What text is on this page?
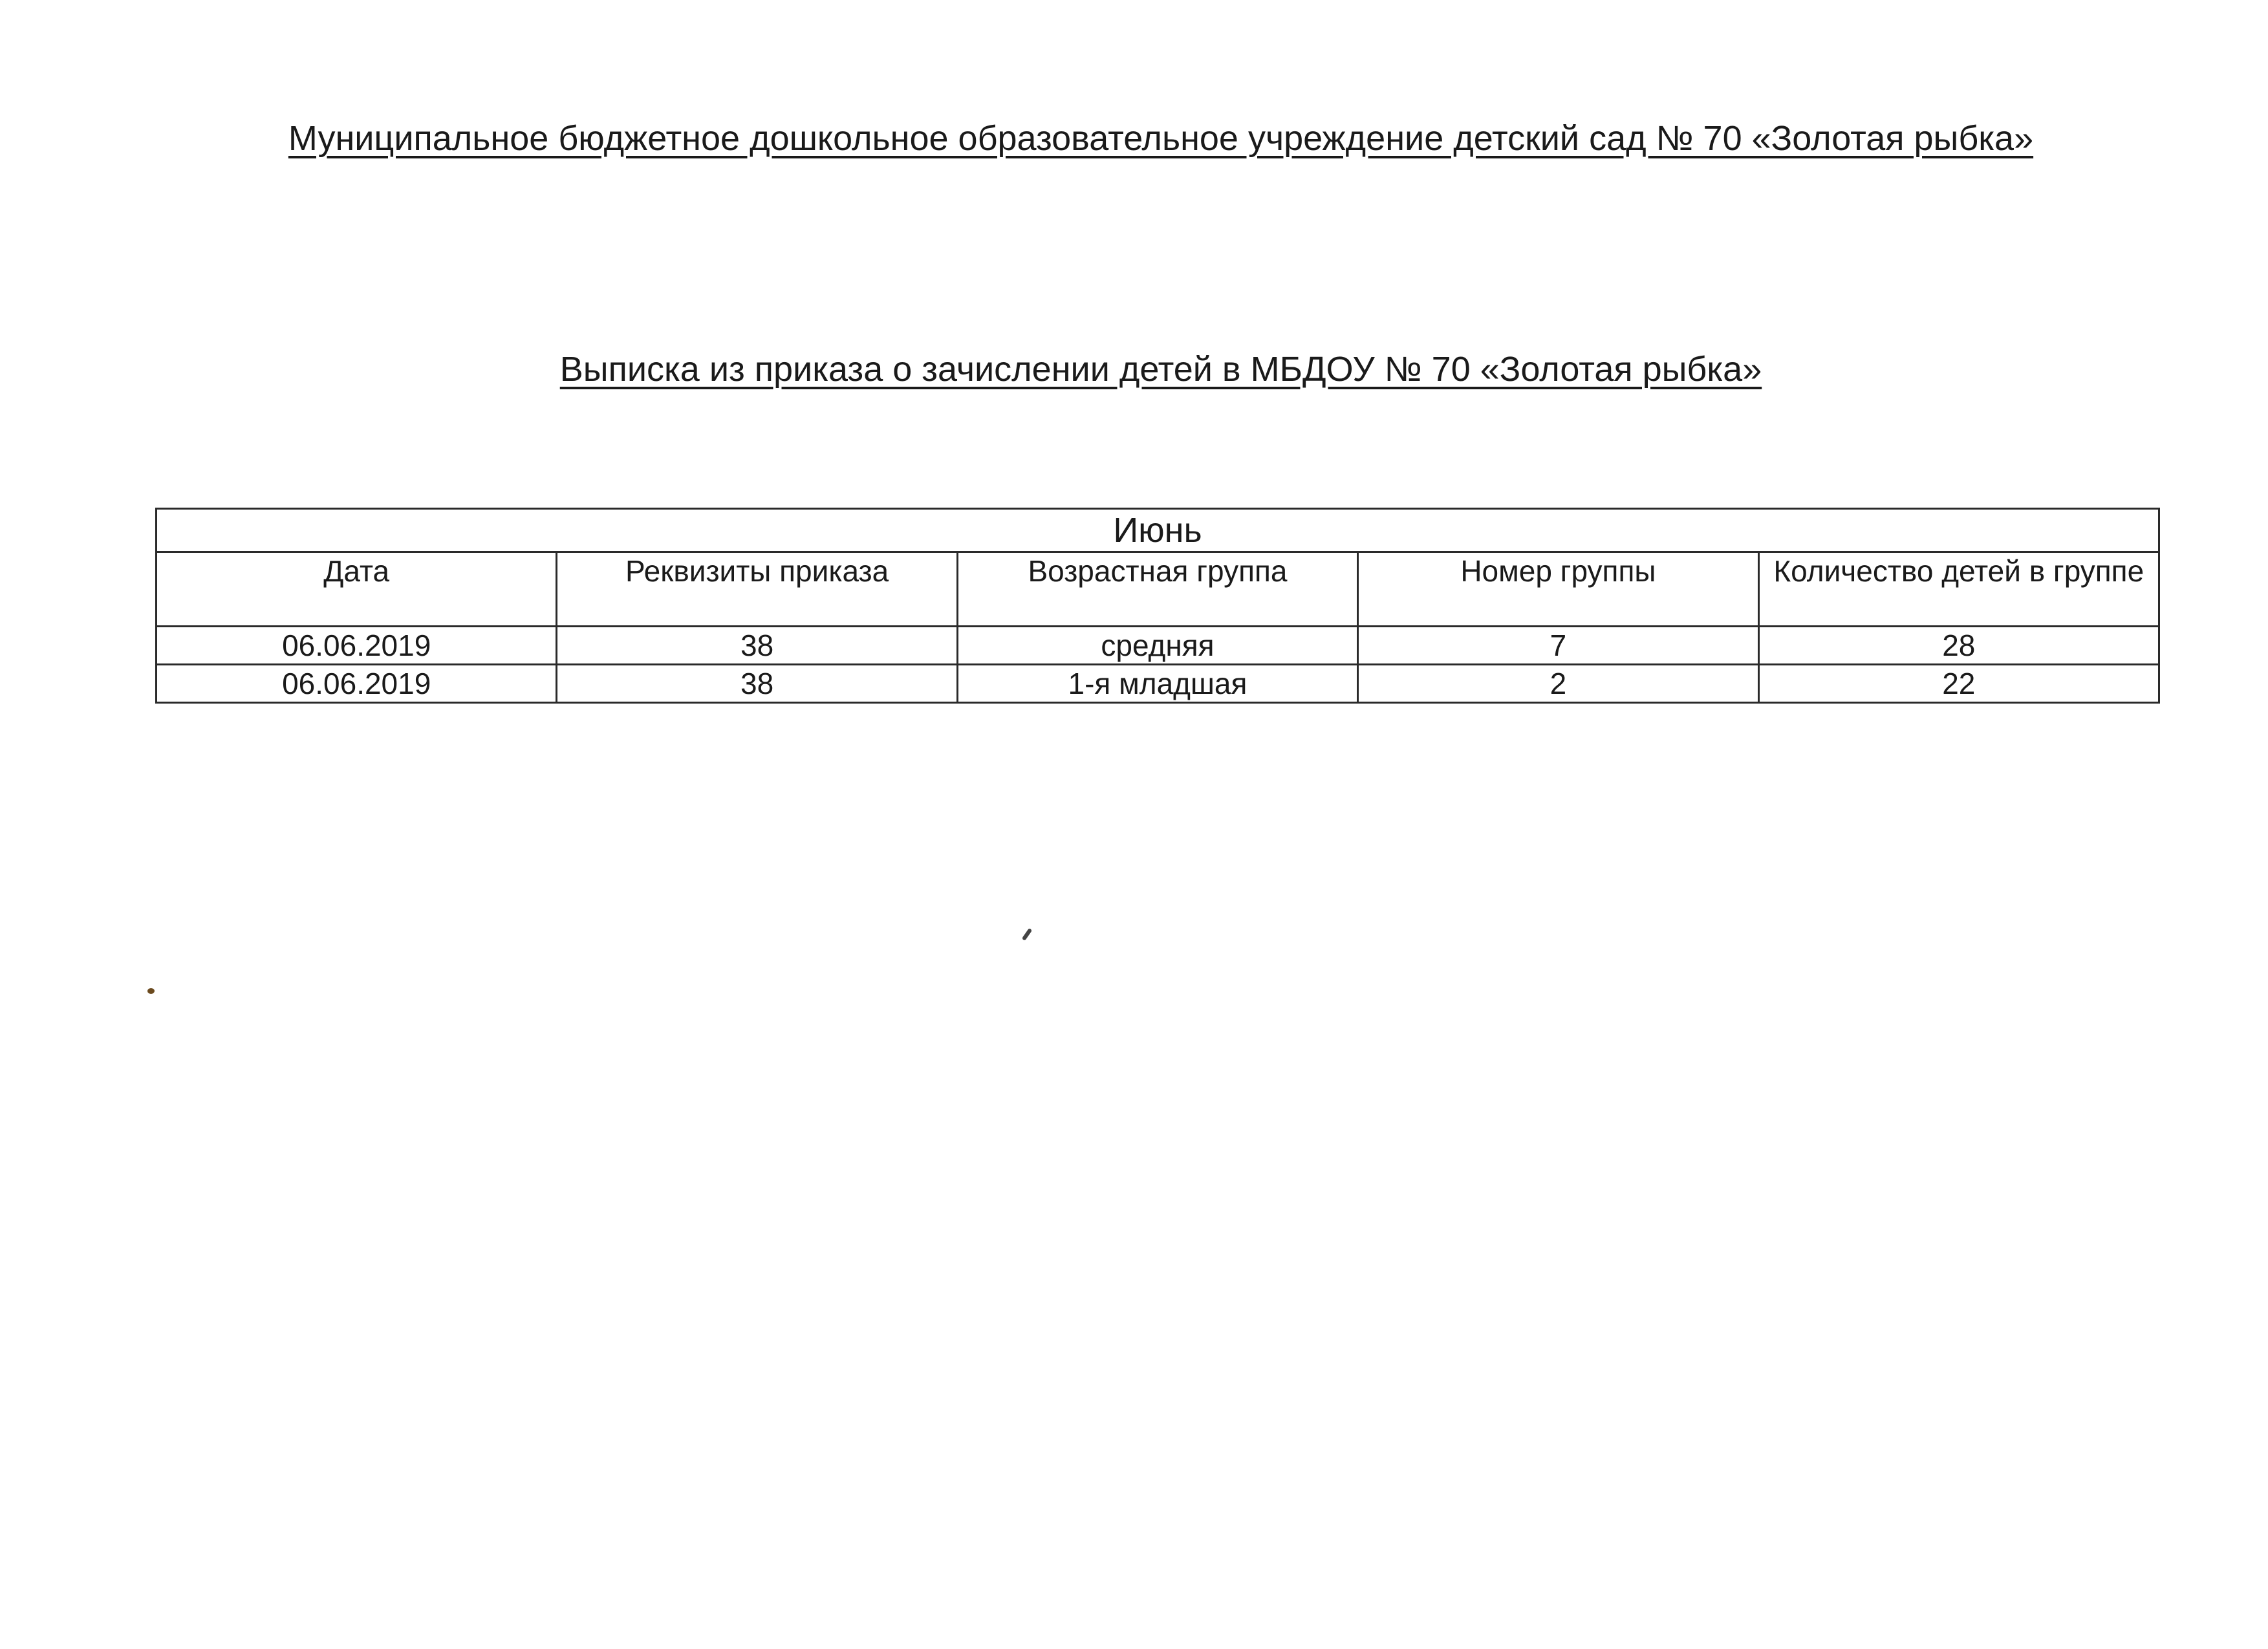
Муниципальное бюджетное дошкольное образовательное учреждение детский сад № 70 «Золотая рыбка»
Выписка из приказа о зачислении детей в МБДОУ № 70 «Золотая рыбка»
Июнь				
Дата	Реквизиты приказа	Возрастная группа	Номер группы	Количество детей в группе
06.06.2019	38	средняя	7	28
06.06.2019	38	1-я младшая	2	22
